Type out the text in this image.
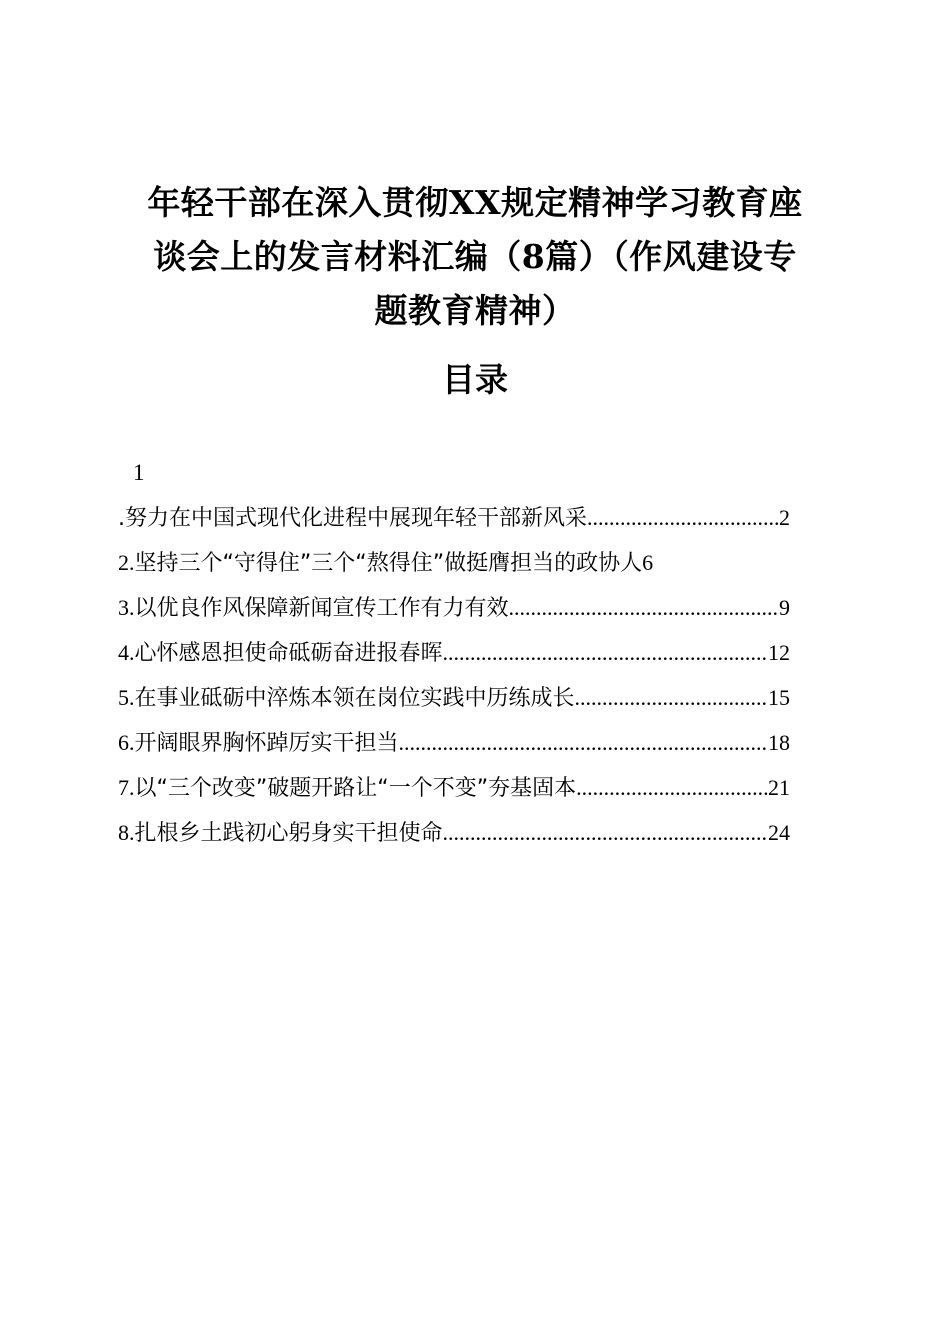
年轻干部在深入贯彻XX规定精神学习教育座
谈会上的发言材料汇编（8篇）（作风建设专
题教育精神）
目录
1
.努力在中国式现代化进程中展现年轻干部新风采 .....	2
2. 坚持三个“守得住”三个“熬得住”做挺膺担当的政协人 6
3. 以优良作风保障新闻宣传工作有力有效 .....	9
4. 心怀感恩担使命砥砺奋进报春晖 .....	12
5. 在事业砥砺中淬炼本领在岗位实践中历练成长 .....	15
6. 开阔眼界胸怀踔厉实干担当 .....	18
7. 以“三个改变”破题开路让“一个不变”夯基固本 .....	21
8. 扎根乡土践初心躬身实干担使命 .....	24
